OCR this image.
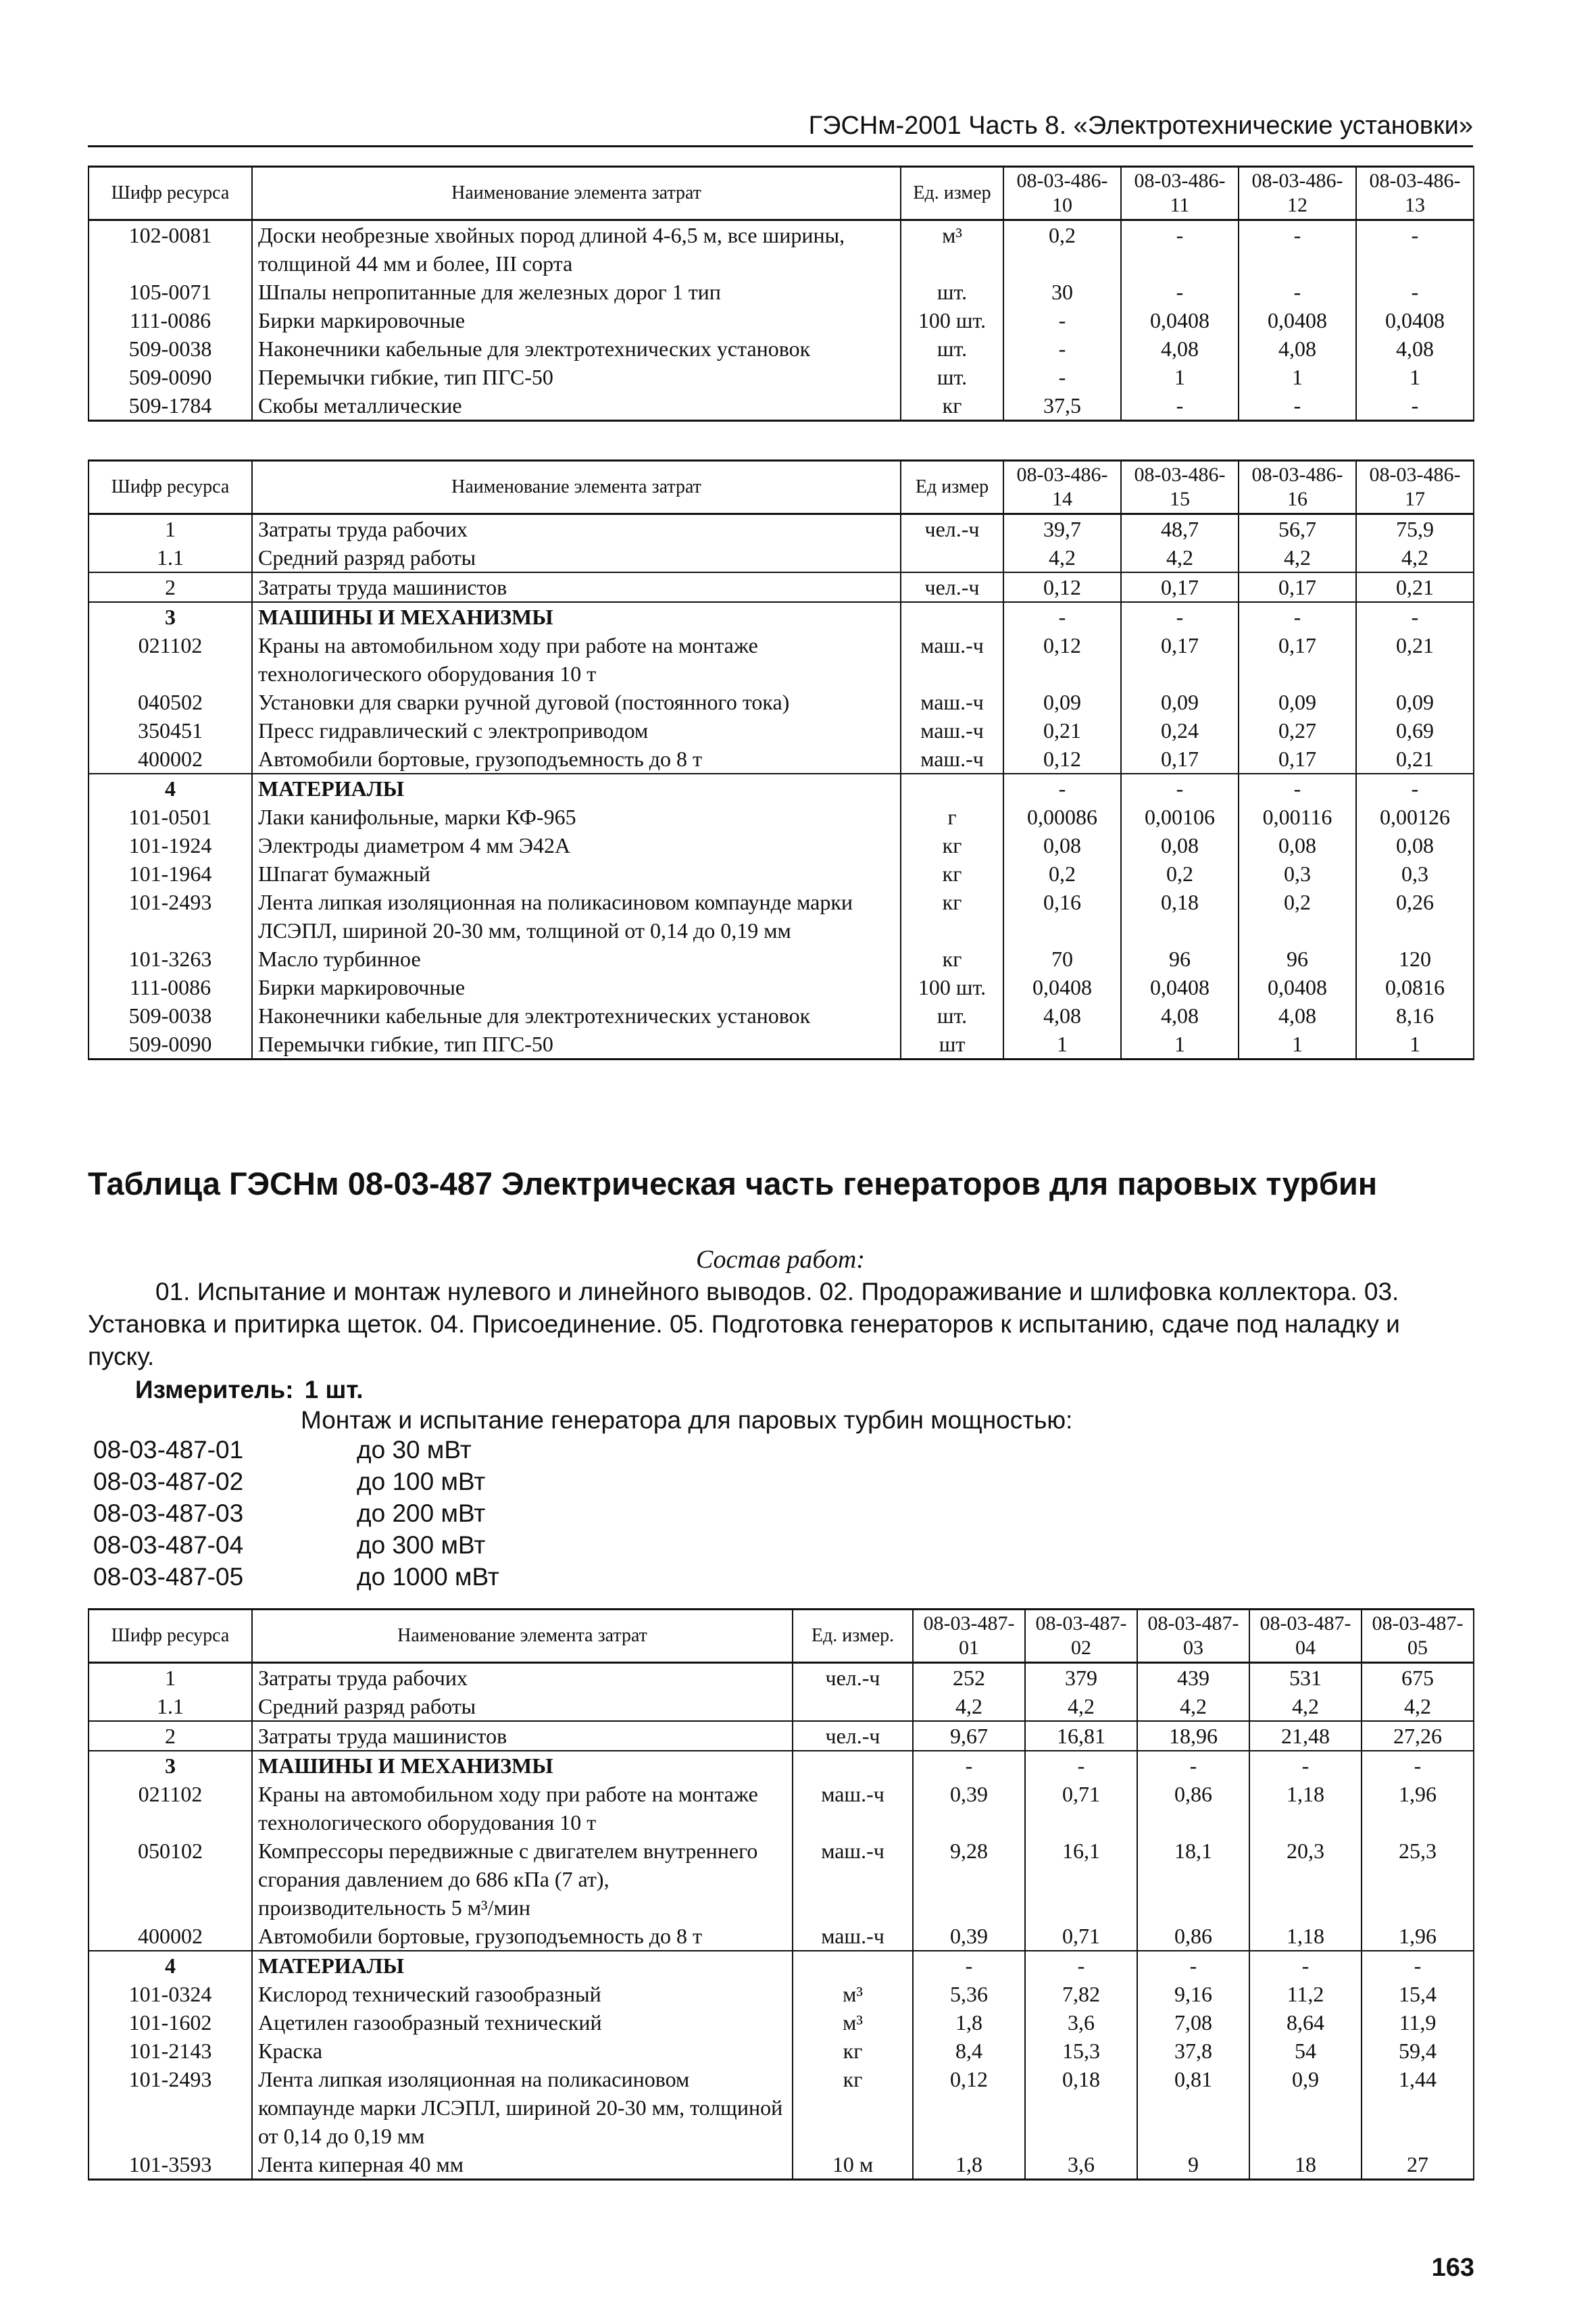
ГЭСНм-2001 Часть 8. «Электротехнические установки»
Шифр ресурса	Наименование элемента затрат	Ед. измер	08-03-486-10	08-03-486-11	08-03-486-12	08-03-486-13
102-0081	Доски необрезные хвойных пород длиной 4-6,5 м, все ширины, толщиной 44 мм и более, III сорта	м³	0,2	-	-	-
105-0071	Шпалы непропитанные для железных дорог 1 тип	шт.	30	-	-	-
111-0086	Бирки маркировочные	100 шт.	-	0,0408	0,0408	0,0408
509-0038	Наконечники кабельные для электротехнических установок	шт.	-	4,08	4,08	4,08
509-0090	Перемычки гибкие, тип ПГС-50	шт.	-	1	1	1
509-1784	Скобы металлические	кг	37,5	-	-	-
Шифр ресурса	Наименование элемента затрат	Ед измер	08-03-486-14	08-03-486-15	08-03-486-16	08-03-486-17
1	Затраты труда рабочих	чел.-ч	39,7	48,7	56,7	75,9
1.1	Средний разряд работы		4,2	4,2	4,2	4,2
2	Затраты труда машинистов	чел.-ч	0,12	0,17	0,17	0,21
3	МАШИНЫ И МЕХАНИЗМЫ		-	-	-	-
021102	Краны на автомобильном ходу при работе на монтаже технологического оборудования 10 т	маш.-ч	0,12	0,17	0,17	0,21
040502	Установки для сварки ручной дуговой (постоянного тока)	маш.-ч	0,09	0,09	0,09	0,09
350451	Пресс гидравлический с электроприводом	маш.-ч	0,21	0,24	0,27	0,69
400002	Автомобили бортовые, грузоподъемность до 8 т	маш.-ч	0,12	0,17	0,17	0,21
4	МАТЕРИАЛЫ		-	-	-	-
101-0501	Лаки канифольные, марки КФ-965	г	0,00086	0,00106	0,00116	0,00126
101-1924	Электроды диаметром 4 мм Э42А	кг	0,08	0,08	0,08	0,08
101-1964	Шпагат бумажный	кг	0,2	0,2	0,3	0,3
101-2493	Лента липкая изоляционная на поликасиновом компаунде марки ЛСЭПЛ, шириной 20-30 мм, толщиной от 0,14 до 0,19 мм	кг	0,16	0,18	0,2	0,26
101-3263	Масло турбинное	кг	70	96	96	120
111-0086	Бирки маркировочные	100 шт.	0,0408	0,0408	0,0408	0,0816
509-0038	Наконечники кабельные для электротехнических установок	шт.	4,08	4,08	4,08	8,16
509-0090	Перемычки гибкие, тип ПГС-50	шт	1	1	1	1
Таблица ГЭСНм 08-03-487 Электрическая часть генераторов для паровых турбин
Состав работ:

01. Испытание и монтаж нулевого и линейного выводов. 02. Продораживание и шлифовка коллектора. 03. Установка и притирка щеток. 04. Присоединение. 05. Подготовка генераторов к испытанию, сдаче под наладку и пуску.

Измеритель: 1 шт.
Монтаж и испытание генератора для паровых турбин мощностью:
08-03-487-01	до 30 мВт
08-03-487-02	до 100 мВт
08-03-487-03	до 200 мВт
08-03-487-04	до 300 мВт
08-03-487-05	до 1000 мВт
Шифр ресурса	Наименование элемента затрат	Ед. измер.	08-03-487-01	08-03-487-02	08-03-487-03	08-03-487-04	08-03-487-05
1	Затраты труда рабочих	чел.-ч	252	379	439	531	675
1.1	Средний разряд работы		4,2	4,2	4,2	4,2	4,2
2	Затраты труда машинистов	чел.-ч	9,67	16,81	18,96	21,48	27,26
3	МАШИНЫ И МЕХАНИЗМЫ		-	-	-	-	-
021102	Краны на автомобильном ходу при работе на монтаже технологического оборудования 10 т	маш.-ч	0,39	0,71	0,86	1,18	1,96
050102	Компрессоры передвижные с двигателем внутреннего сгорания давлением до 686 кПа (7 ат), производительность 5 м³/мин	маш.-ч	9,28	16,1	18,1	20,3	25,3
400002	Автомобили бортовые, грузоподъемность до 8 т	маш.-ч	0,39	0,71	0,86	1,18	1,96
4	МАТЕРИАЛЫ		-	-	-	-	-
101-0324	Кислород технический газообразный	м³	5,36	7,82	9,16	11,2	15,4
101-1602	Ацетилен газообразный технический	м³	1,8	3,6	7,08	8,64	11,9
101-2143	Краска	кг	8,4	15,3	37,8	54	59,4
101-2493	Лента липкая изоляционная на поликасиновом компаунде марки ЛСЭПЛ, шириной 20-30 мм, толщиной от 0,14 до 0,19 мм	кг	0,12	0,18	0,81	0,9	1,44
101-3593	Лента киперная 40 мм	10 м	1,8	3,6	9	18	27
163
